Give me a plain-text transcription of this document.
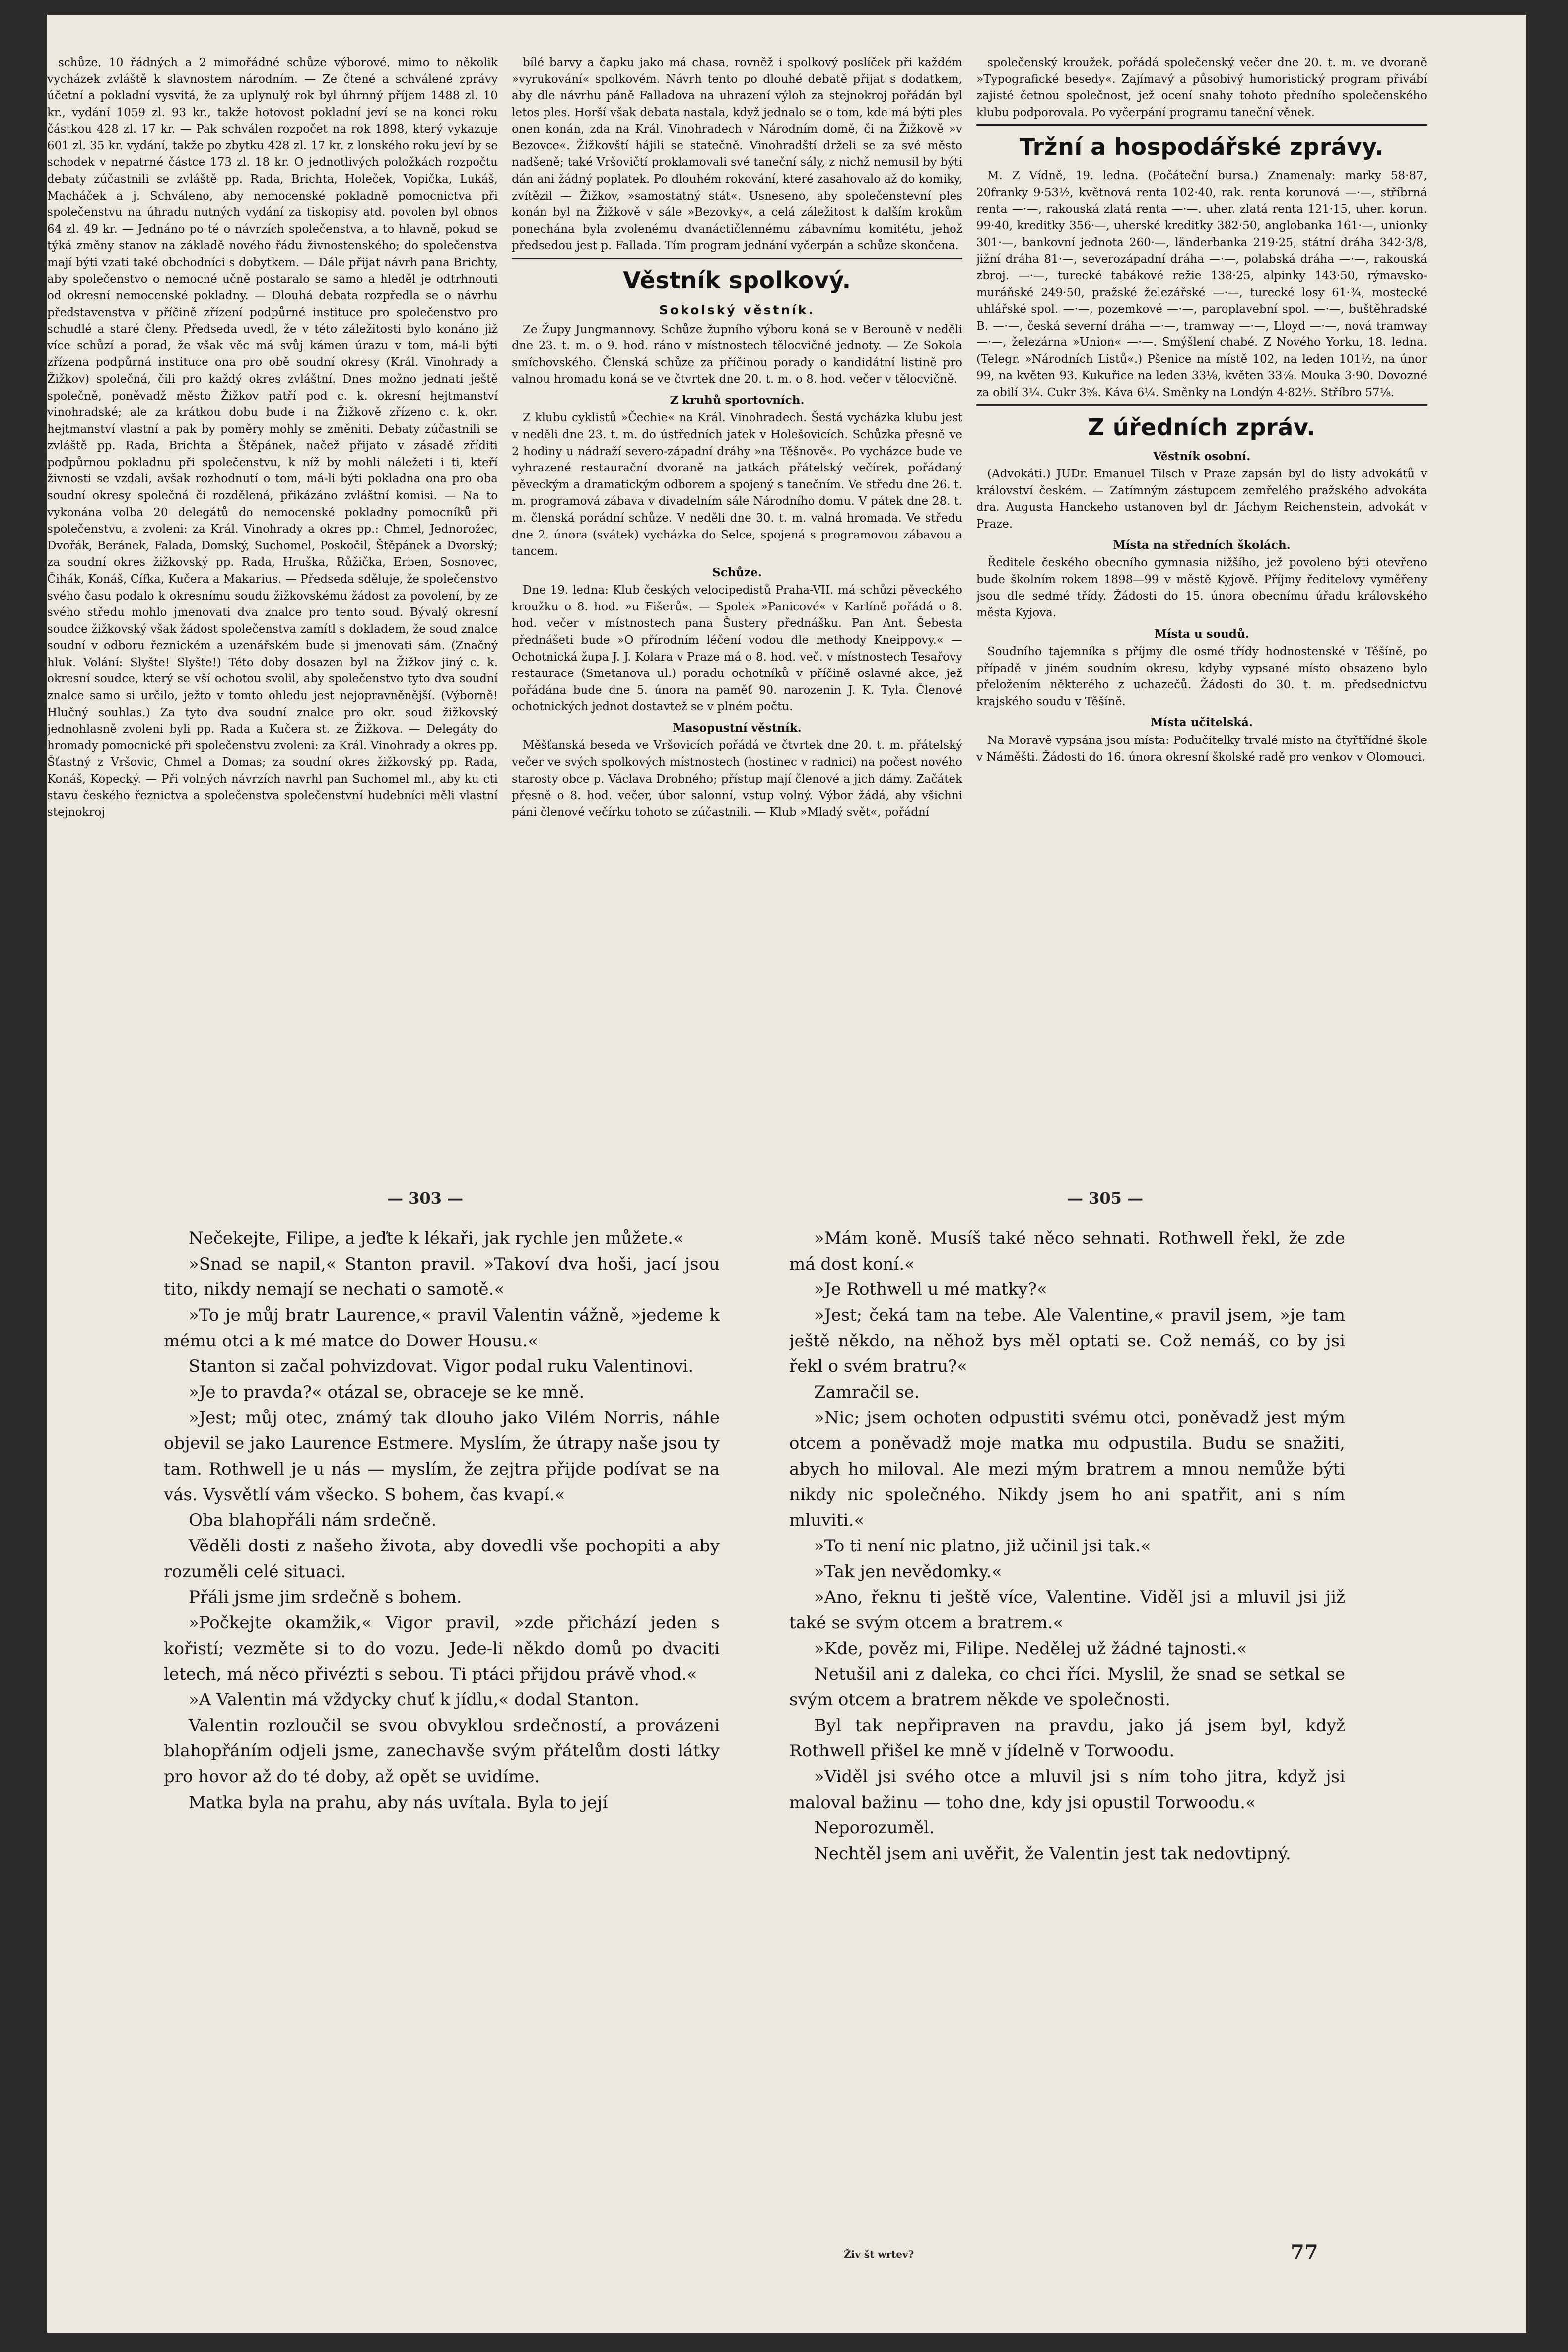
schůze, 10 řádných a 2 mimořádné schůze výborové, mimo to několik vycházek zvláště k slavnostem národním. — Ze čtené a schválené zprávy účetní a pokladní vysvitá, že za uplynulý rok byl úhrnný příjem 1488 zl. 10 kr., vydání 1059 zl. 93 kr., takže hotovost pokladní jeví se na konci roku částkou 428 zl. 17 kr. — Pak schválen rozpočet na rok 1898, který vykazuje 601 zl. 35 kr. vydání, takže po zbytku 428 zl. 17 kr. z lonského roku jeví by se schodek v nepatrné částce 173 zl. 18 kr. O jednotlivých položkách rozpočtu debaty zúčastnili se zvláště pp. Rada, Brichta, Holeček, Vopička, Lukáš, Macháček a j. Schváleno, aby nemocenské pokladně pomocnictva při společenstvu na úhradu nutných vydání za tiskopisy atd. povolen byl obnos 64 zl. 49 kr. — Jednáno po té o návrzích společenstva, a to hlavně, pokud se týká změny stanov na základě nového řádu živnostenského; do společenstva mají býti vzati také obchodníci s dobytkem. — Dále přijat návrh pana Brichty, aby společenstvo o nemocné učně postaralo se samo a hleděl je odtrhnouti od okresní nemocenské pokladny. — Dlouhá debata rozpředla se o návrhu představenstva v příčině zřízení podpůrné instituce pro společenstvo pro schudlé a staré členy. Předseda uvedl, že v této záležitosti bylo konáno již více schůzí a porad, že však věc má svůj kámen úrazu v tom, má-li býti zřízena podpůrná instituce ona pro obě soudní okresy (Král. Vinohrady a Žižkov) společná, čili pro každý okres zvláštní. Dnes možno jednati ještě společně, poněvadž město Žižkov patří pod c. k. okresní hejtmanství vinohradské; ale za krátkou dobu bude i na Žižkově zřízeno c. k. okr. hejtmanství vlastní a pak by poměry mohly se změniti. Debaty zúčastnili se zvláště pp. Rada, Brichta a Štěpánek, načež přijato v zásadě zříditi podpůrnou pokladnu při společenstvu, k níž by mohli náležeti i ti, kteří živnosti se vzdali, avšak rozhodnutí o tom, má-li býti pokladna ona pro oba soudní okresy společná či rozdělená, přikázáno zvláštní komisi. — Na to vykonána volba 20 delegátů do nemocenské pokladny pomocníků při společenstvu, a zvoleni: za Král. Vinohrady a okres pp.: Chmel, Jednorožec, Dvořák, Beránek, Falada, Domský, Suchomel, Poskočil, Štěpánek a Dvorský; za soudní okres žižkovský pp. Rada, Hruška, Růžička, Erben, Sosnovec, Čihák, Konáš, Cífka, Kučera a Makarius. — Předseda sděluje, že společenstvo svého času podalo k okresnímu soudu žižkovskému žádost za povolení, by ze svého středu mohlo jmenovati dva znalce pro tento soud. Bývalý okresní soudce žižkovský však žádost společenstva zamítl s dokladem, že soud znalce soudní v odboru řeznickém a uzenářském bude si jmenovati sám. (Značný hluk. Volání: Slyšte! Slyšte!) Této doby dosazen byl na Žižkov jiný c. k. okresní soudce, který se vší ochotou svolil, aby společenstvo tyto dva soudní znalce samo si určilo, ježto v tomto ohledu jest nejopravněnější. (Výborně! Hlučný souhlas.) Za tyto dva soudní znalce pro okr. soud žižkovský jednohlasně zvoleni byli pp. Rada a Kučera st. ze Žižkova. — Delegáty do hromady pomocnické při společenstvu zvoleni: za Král. Vinohrady a okres pp. Šťastný z Vršovic, Chmel a Domas; za soudní okres žižkovský pp. Rada, Konáš, Kopecký. — Při volných návrzích navrhl pan Suchomel ml., aby ku cti stavu českého řeznictva a společenstva společenstvní hudebníci měli vlastní stejnokroj

bílé barvy a čapku jako má chasa, rovněž i spolkový poslíček při každém »vyrukování« spolkovém. Návrh tento po dlouhé debatě přijat s dodatkem, aby dle návrhu páně Falladova na uhrazení výloh za stejnokroj pořádán byl letos ples. Horší však debata nastala, když jednalo se o tom, kde má býti ples onen konán, zda na Král. Vinohradech v Národním domě, či na Žižkově »v Bezovce«. Žižkovští hájili se statečně. Vinohradští drželi se za své město nadšeně; také Vršovičtí proklamovali své taneční sály, z nichž nemusil by býti dán ani žádný poplatek. Po dlouhém rokování, které zasahovalo až do komiky, zvítězil — Žižkov, »samostatný stát«. Usneseno, aby společenstevní ples konán byl na Žižkově v sále »Bezovky«, a celá záležitost k dalším krokům ponechána byla zvolenému dvanáctičlennému zábavnímu komitétu, jehož předsedou jest p. Fallada. Tím program jednání vyčerpán a schůze skončena.

Věstník spolkový.
Sokolský věstník.

Ze Župy Jungmannovy. Schůze župního výboru koná se v Berouně v neděli dne 23. t. m. o 9. hod. ráno v místnostech tělocvičné jednoty. — Ze Sokola smíchovského. Členská schůze za příčinou porady o kandidátní listině pro valnou hromadu koná se ve čtvrtek dne 20. t. m. o 8. hod. večer v tělocvičně.

Z kruhů sportovních.

Z klubu cyklistů »Čechie« na Král. Vinohradech. Šestá vycházka klubu jest v neděli dne 23. t. m. do ústředních jatek v Holešovicích. Schůzka přesně ve 2 hodiny u nádraží severo-západní dráhy »na Těšnově«. Po vycházce bude ve vyhrazené restaurační dvoraně na jatkách přátelský večírek, pořádaný pěveckým a dramatickým odborem a spojený s tanečním. Ve středu dne 26. t. m. programová zábava v divadelním sále Národního domu. V pátek dne 28. t. m. členská porádní schůze. V neděli dne 30. t. m. valná hromada. Ve středu dne 2. února (svátek) vycházka do Selce, spojená s programovou zábavou a tancem.

Schůze.

Dne 19. ledna: Klub českých velocipedistů Praha-VII. má schůzi pěveckého kroužku o 8. hod. »u Fišerů«. — Spolek »Panicové« v Karlíně pořádá o 8. hod. večer v místnostech pana Šustery přednášku. Pan Ant. Šebesta přednášeti bude »O přírodním léčení vodou dle methody Kneippovy.« — Ochotnická župa J. J. Kolara v Praze má o 8. hod. več. v místnostech Tesařovy restaurace (Smetanova ul.) poradu ochotníků v příčině oslavné akce, jež pořádána bude dne 5. února na paměť 90. narozenin J. K. Tyla. Členové ochotnických jednot dostavtež se v plném počtu.

Masopustní věstník.

Měšťanská beseda ve Vršovicích pořádá ve čtvrtek dne 20. t. m. přátelský večer ve svých spolkových místnostech (hostinec v radnici) na počest nového starosty obce p. Václava Drobného; přístup mají členové a jich dámy. Začátek přesně o 8. hod. večer, úbor salonní, vstup volný. Výbor žádá, aby všichni páni členové večírku tohoto se zúčastnili. — Klub »Mladý svět«, pořádní

společenský kroužek, pořádá společenský večer dne 20. t. m. ve dvoraně »Typografické besedy«. Zajímavý a působivý humoristický program přivábí zajisté četnou společnost, jež ocení snahy tohoto předního společenského klubu podporovala. Po vyčerpání programu taneční věnek.

Tržní a hospodářské zprávy.

M. Z Vídně, 19. ledna. (Počáteční bursa.) Znamenaly: marky 58·87, 20franky 9·53½, květnová renta 102·40, rak. renta korunová —·—, stříbrná renta —·—, rakouská zlatá renta —·—. uher. zlatá renta 121·15, uher. korun. 99·40, kreditky 356·—, uherské kreditky 382·50, anglobanka 161·—, unionky 301·—, bankovní jednota 260·—, länderbanka 219·25, státní dráha 342·3/8, jižní dráha 81·—, severozápadní dráha —·—, polabská dráha —·—, rakouská zbroj. —·—, turecké tabákové režie 138·25, alpinky 143·50, rýmavsko-muráňské 249·50, pražské železářské —·—, turecké losy 61·¾, mostecké uhlářské spol. —·—, pozemkové —·—, paroplavební spol. —·—, buštěhradské B. —·—, česká severní dráha —·—, tramway —·—, Lloyd —·—, nová tramway —·—, železárna »Union« —·—. Smýšlení chabé. Z Nového Yorku, 18. ledna. (Telegr. »Národních Listů«.) Pšenice na místě 102, na leden 101½, na únor 99, na květen 93. Kukuřice na leden 33⅛, květen 33⅞. Mouka 3·90. Dovozné za obilí 3¼. Cukr 3⅝. Káva 6¼. Směnky na Londýn 4·82½. Stříbro 57⅛.

Z úředních zpráv.
Věstník osobní.

(Advokáti.) JUDr. Emanuel Tilsch v Praze zapsán byl do listy advokátů v království českém. — Zatímným zástupcem zemřelého pražského advokáta dra. Augusta Hanckeho ustanoven byl dr. Jáchym Reichenstein, advokát v Praze.

Místa na středních školách.

Ředitele českého obecního gymnasia nižšího, jež povoleno býti otevřeno bude školním rokem 1898—99 v městě Kyjově. Příjmy ředitelovy vyměřeny jsou dle sedmé třídy. Žádosti do 15. února obecnímu úřadu královského města Kyjova.

Místa u soudů.

Soudního tajemníka s příjmy dle osmé třídy hodnostenské v Těšíně, po případě v jiném soudním okresu, kdyby vypsané místo obsazeno bylo přeložením některého z uchazečů. Žádosti do 30. t. m. předsednictvu krajského soudu v Těšíně.

Místa učitelská.

Na Moravě vypsána jsou místa: Podučitelky trvalé místo na čtyřtřídné škole v Náměšti. Žádosti do 16. února okresní školské radě pro venkov v Olomouci.

— 303 —	— 305 —

Nečekejte, Filipe, a jeďte k lékaři, jak rychle jen můžete.«

»Snad se napil,« Stanton pravil. »Takoví dva hoši, jací jsou tito, nikdy nemají se nechati o samotě.«

»To je můj bratr Laurence,« pravil Valentin vážně, »jedeme k mému otci a k mé matce do Dower Housu.«

Stanton si začal pohvizdovat. Vigor podal ruku Valentinovi.

»Je to pravda?« otázal se, obraceje se ke mně.

»Jest; můj otec, známý tak dlouho jako Vilém Norris, náhle objevil se jako Laurence Estmere. Myslím, že útrapy naše jsou ty tam. Rothwell je u nás — myslím, že zejtra přijde podívat se na vás. Vysvětlí vám všecko. S bohem, čas kvapí.«

Oba blahopřáli nám srdečně.

Věděli dosti z našeho života, aby dovedli vše pochopiti a aby rozuměli celé situaci.

Přáli jsme jim srdečně s bohem.

»Počkejte okamžik,« Vigor pravil, »zde přichází jeden s kořistí; vezměte si to do vozu. Jede-li někdo domů po dvaciti letech, má něco přivézti s sebou. Ti ptáci přijdou právě vhod.«

»A Valentin má vždycky chuť k jídlu,« dodal Stanton.

Valentin rozloučil se svou obvyklou srdečností, a provázeni blahopřáním odjeli jsme, zanechavše svým přátelům dosti látky pro hovor až do té doby, až opět se uvidíme.

Matka byla na prahu, aby nás uvítala. Byla to její

»Mám koně. Musíš také něco sehnati. Rothwell řekl, že zde má dost koní.«

»Je Rothwell u mé matky?«

»Jest; čeká tam na tebe. Ale Valentine,« pravil jsem, »je tam ještě někdo, na něhož bys měl optati se. Což nemáš, co by jsi řekl o svém bratru?«

Zamračil se.

»Nic; jsem ochoten odpustiti svému otci, poněvadž jest mým otcem a poněvadž moje matka mu odpustila. Budu se snažiti, abych ho miloval. Ale mezi mým bratrem a mnou nemůže býti nikdy nic společného. Nikdy jsem ho ani spatřit, ani s ním mluviti.«

»To ti není nic platno, již učinil jsi tak.«

»Tak jen nevědomky.«

»Ano, řeknu ti ještě více, Valentine. Viděl jsi a mluvil jsi již také se svým otcem a bratrem.«

»Kde, pověz mi, Filipe. Nedělej už žádné tajnosti.«

Netušil ani z daleka, co chci říci. Myslil, že snad se setkal se svým otcem a bratrem někde ve společnosti.

Byl tak nepřipraven na pravdu, jako já jsem byl, když Rothwell přišel ke mně v jídelně v Torwoodu.

»Viděl jsi svého otce a mluvil jsi s ním toho jitra, když jsi maloval bažinu — toho dne, kdy jsi opustil Torwoodu.«

Neporozuměl.

Nechtěl jsem ani uvěřit, že Valentin jest tak nedovtipný.

Živ št wrtev?	77
